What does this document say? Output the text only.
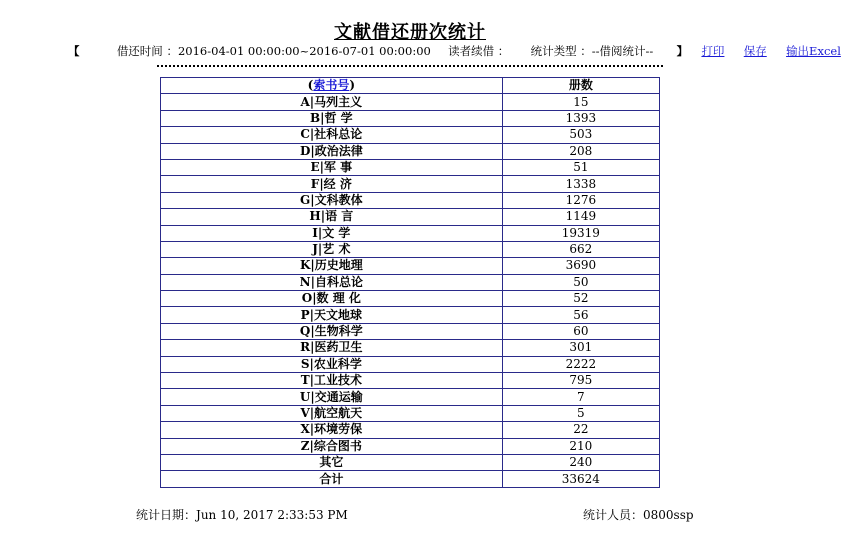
文献借还册次统计
【	借还时间 ：2016-04-01 00:00:00~2016-07-01 00:00:00 读者续借 ： 统计类型 ：--借阅统计-- 】 打印 保存 输出Excel
(索书号)	册数
A|马列主义	15
B|哲 学	1393
C|社科总论	503
D|政治法律	208
E|军 事	51
F|经 济	1338
G|文科教体	1276
H|语 言	1149
I|文 学	19319
J|艺 术	662
K|历史地理	3690
N|自科总论	50
O|数 理 化	52
P|天文地球	56
Q|生物科学	60
R|医药卫生	301
S|农业科学	2222
T|工业技术	795
U|交通运输	7
V|航空航天	5
X|环境劳保	22
Z|综合图书	210
其它	240
合计	33624
统计日期：Jun 10, 2017 2:33:53 PM	统计人员：0800ssp
